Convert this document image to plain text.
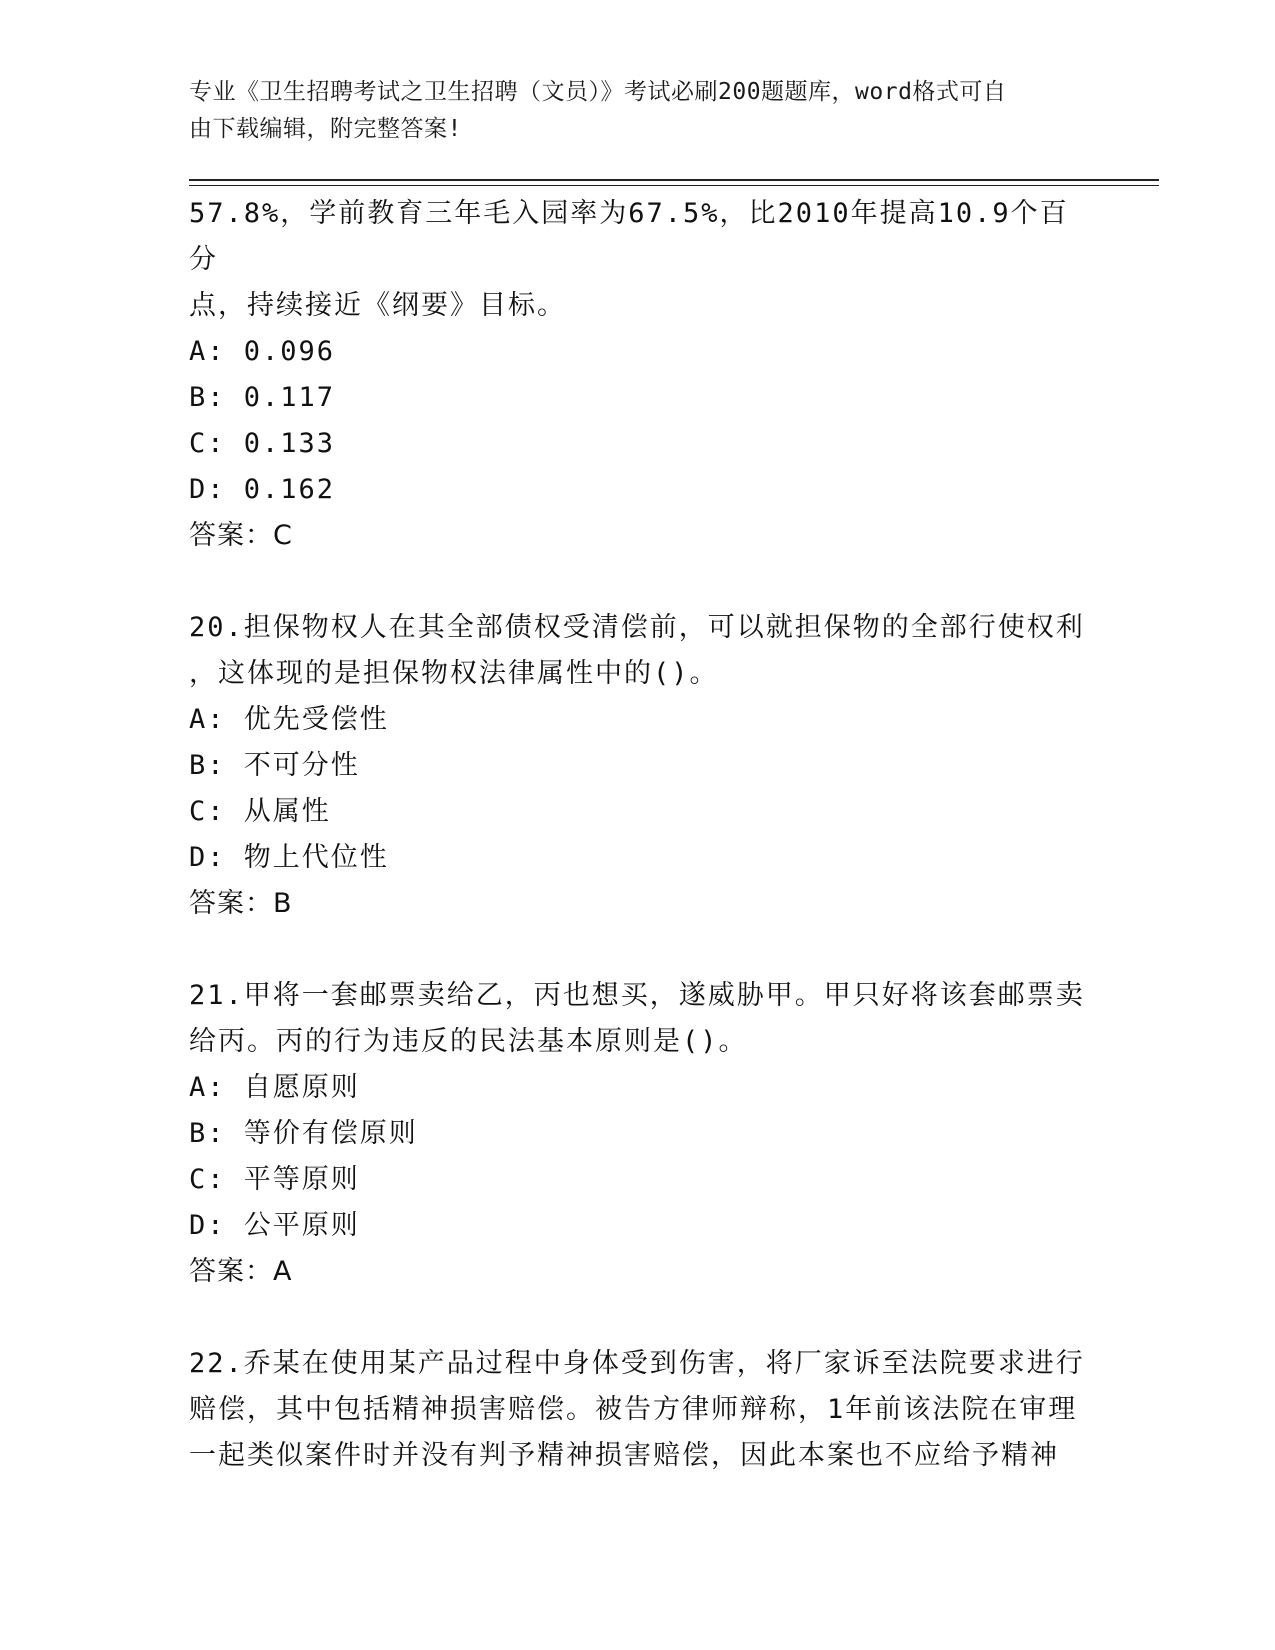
专业《卫生招聘考试之卫生招聘（文员）》考试必刷200题题库，word格式可自
由下载编辑，附完整答案!

57.8%，学前教育三年毛入园率为67.5%，比2010年提高10.9个百分

点，持续接近《纲要》目标。

A: 0.096

B: 0.117

C: 0.133

D: 0.162

答案：C

20.担保物权人在其全部债权受清偿前，可以就担保物的全部行使权利

，这体现的是担保物权法律属性中的()。

A: 优先受偿性

B: 不可分性

C: 从属性

D: 物上代位性

答案：B

21.甲将一套邮票卖给乙，丙也想买，遂威胁甲。甲只好将该套邮票卖

给丙。丙的行为违反的民法基本原则是()。

A: 自愿原则

B: 等价有偿原则

C: 平等原则

D: 公平原则

答案：A

22.乔某在使用某产品过程中身体受到伤害，将厂家诉至法院要求进行

赔偿，其中包括精神损害赔偿。被告方律师辩称，1年前该法院在审理

一起类似案件时并没有判予精神损害赔偿，因此本案也不应给予精神
